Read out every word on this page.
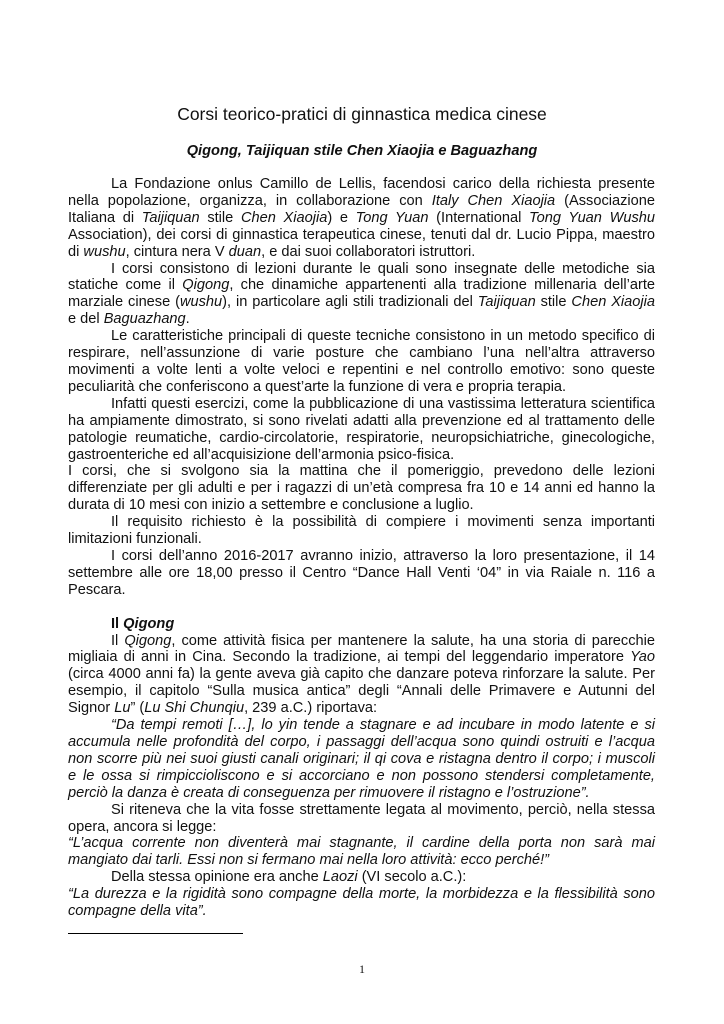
Corsi teorico-pratici di ginnastica medica cinese
Qigong, Taijiquan stile Chen Xiaojia e Baguazhang

La Fondazione onlus Camillo de Lellis, facendosi carico della richiesta presente nella popolazione, organizza, in collaborazione con Italy Chen Xiaojia (Associazione Italiana di Taijiquan stile Chen Xiaojia) e Tong Yuan (International Tong Yuan Wushu Association), dei corsi di ginnastica terapeutica cinese, tenuti dal dr. Lucio Pippa, maestro di wushu, cintura nera V duan, e dai suoi collaboratori istruttori.

I corsi consistono di lezioni durante le quali sono insegnate delle metodiche sia statiche come il Qigong, che dinamiche appartenenti alla tradizione millenaria dell’arte marziale cinese (wushu), in particolare agli stili tradizionali del Taijiquan stile Chen Xiaojia e del Baguazhang.

Le caratteristiche principali di queste tecniche consistono in un metodo specifico di respirare, nell’assunzione di varie posture che cambiano l’una nell’altra attraverso movimenti a volte lenti a volte veloci e repentini e nel controllo emotivo: sono queste peculiarità che conferiscono a quest’arte la funzione di vera e propria terapia.

Infatti questi esercizi, come la pubblicazione di una vastissima letteratura scientifica ha ampiamente dimostrato, si sono rivelati adatti alla prevenzione ed al trattamento delle patologie reumatiche, cardio-circolatorie, respiratorie, neuropsichiatriche, ginecologiche, gastroenteriche ed all’acquisizione dell’armonia psico-fisica.

I corsi, che si svolgono sia la mattina che il pomeriggio, prevedono delle lezioni differenziate per gli adulti e per i ragazzi di un’età compresa fra 10 e 14 anni ed hanno la durata di 10 mesi con inizio a settembre e conclusione a luglio.

Il requisito richiesto è la possibilità di compiere i movimenti senza importanti limitazioni funzionali.

I corsi dell’anno 2016-2017 avranno inizio, attraverso la loro presentazione, il 14 settembre alle ore 18,00 presso il Centro “Dance Hall Venti ‘04” in via Raiale n. 116 a Pescara.

Il Qigong

Il Qigong, come attività fisica per mantenere la salute, ha una storia di parecchie migliaia di anni in Cina. Secondo la tradizione, ai tempi del leggendario imperatore Yao (circa 4000 anni fa) la gente aveva già capito che danzare poteva rinforzare la salute. Per esempio, il capitolo “Sulla musica antica” degli “Annali delle Primavere e Autunni del Signor Lu” (Lu Shi Chunqiu, 239 a.C.) riportava:

“Da tempi remoti […], lo yin tende a stagnare e ad incubare in modo latente e si accumula nelle profondità del corpo, i passaggi dell’acqua sono quindi ostruiti e l’acqua non scorre più nei suoi giusti canali originari; il qi cova e ristagna dentro il corpo; i muscoli e le ossa si rimpiccioliscono e si accorciano e non possono stendersi completamente, perciò la danza è creata di conseguenza per rimuovere il ristagno e l’ostruzione”.

Si riteneva che la vita fosse strettamente legata al movimento, perciò, nella stessa opera, ancora si legge:

“L’acqua corrente non diventerà mai stagnante, il cardine della porta non sarà mai mangiato dai tarli. Essi non si fermano mai nella loro attività: ecco perché!”

Della stessa opinione era anche Laozi (VI secolo a.C.):

“La durezza e la rigidità sono compagne della morte, la morbidezza e la flessibilità sono compagne della vita”.

1
